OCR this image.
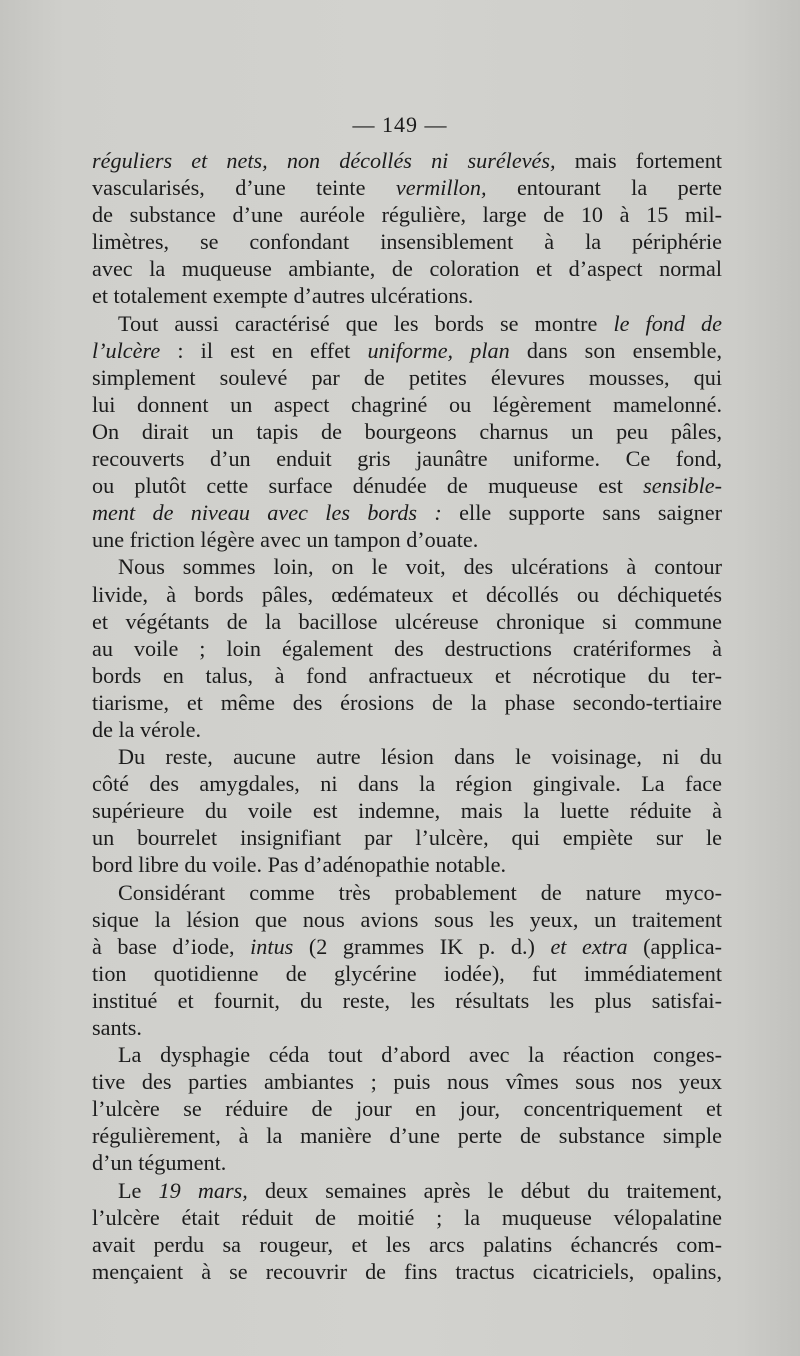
— 149 —
réguliers et nets, non décollés ni surélevés, mais fortement
vascularisés, d’une teinte vermillon, entourant la perte
de substance d’une auréole régulière, large de 10 à 15 mil-
limètres, se confondant insensiblement à la périphérie
avec la muqueuse ambiante, de coloration et d’aspect normal
et totalement exempte d’autres ulcérations.
Tout aussi caractérisé que les bords se montre le fond de
l’ulcère : il est en effet uniforme, plan dans son ensemble,
simplement soulevé par de petites élevures mousses, qui
lui donnent un aspect chagriné ou légèrement mamelonné.
On dirait un tapis de bourgeons charnus un peu pâles,
recouverts d’un enduit gris jaunâtre uniforme. Ce fond,
ou plutôt cette surface dénudée de muqueuse est sensible-
ment de niveau avec les bords : elle supporte sans saigner
une friction légère avec un tampon d’ouate.
Nous sommes loin, on le voit, des ulcérations à contour
livide, à bords pâles, œdémateux et décollés ou déchiquetés
et végétants de la bacillose ulcéreuse chronique si commune
au voile ; loin également des destructions cratériformes à
bords en talus, à fond anfractueux et nécrotique du ter-
tiarisme, et même des érosions de la phase secondo-tertiaire
de la vérole.
Du reste, aucune autre lésion dans le voisinage, ni du
côté des amygdales, ni dans la région gingivale. La face
supérieure du voile est indemne, mais la luette réduite à
un bourrelet insignifiant par l’ulcère, qui empiète sur le
bord libre du voile. Pas d’adénopathie notable.
Considérant comme très probablement de nature myco-
sique la lésion que nous avions sous les yeux, un traitement
à base d’iode, intus (2 grammes IK p. d.) et extra (applica-
tion quotidienne de glycérine iodée), fut immédiatement
institué et fournit, du reste, les résultats les plus satisfai-
sants.
La dysphagie céda tout d’abord avec la réaction conges-
tive des parties ambiantes ; puis nous vîmes sous nos yeux
l’ulcère se réduire de jour en jour, concentriquement et
régulièrement, à la manière d’une perte de substance simple
d’un tégument.
Le 19 mars, deux semaines après le début du traitement,
l’ulcère était réduit de moitié ; la muqueuse vélopalatine
avait perdu sa rougeur, et les arcs palatins échancrés com-
mençaient à se recouvrir de fins tractus cicatriciels, opalins,
